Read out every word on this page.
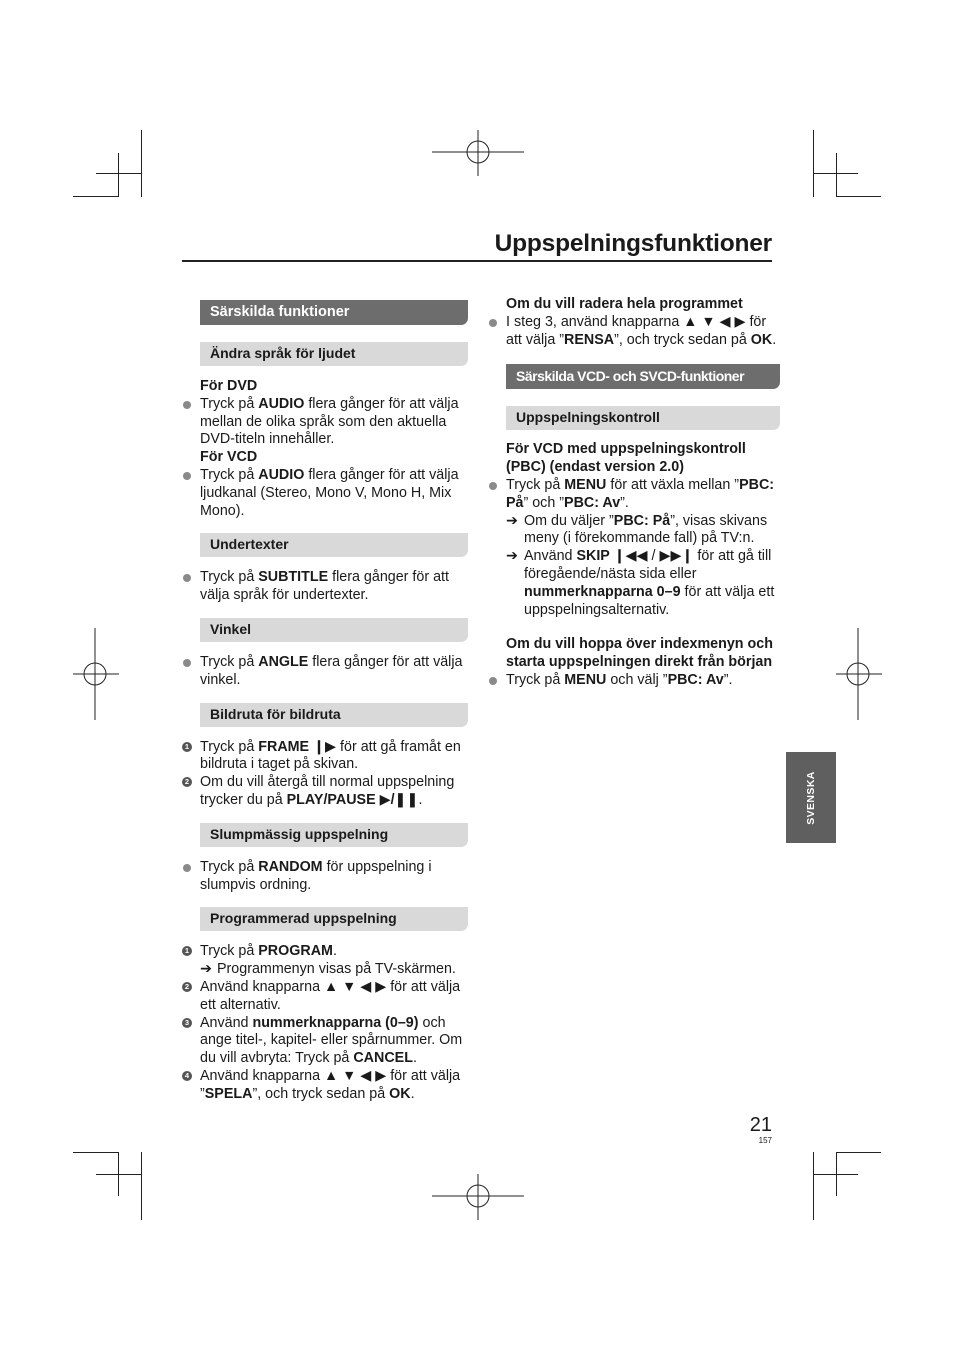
Uppspelningsfunktioner
Särskilda funktioner
Ändra språk för ljudet
För DVD
Tryck på AUDIO flera gånger för att välja mellan de olika språk som den aktuella DVD-titeln innehåller.
För VCD
Tryck på AUDIO flera gånger för att välja ljudkanal (Stereo, Mono V, Mono H, Mix Mono).
Undertexter
Tryck på SUBTITLE flera gånger för att välja språk för undertexter.
Vinkel
Tryck på ANGLE flera gånger för att välja vinkel.
Bildruta för bildruta
1 Tryck på FRAME ❙▶ för att gå framåt en bildruta i taget på skivan.
2 Om du vill återgå till normal uppspelning trycker du på PLAY/PAUSE ▶/❚❚.
Slumpmässig uppspelning
Tryck på RANDOM för uppspelning i slumpvis ordning.
Programmerad uppspelning
1 Tryck på PROGRAM.
➔ Programmenyn visas på TV-skärmen.
2 Använd knapparna ▲ ▼ ◀ ▶ för att välja ett alternativ.
3 Använd nummerknapparna (0–9) och ange titel-, kapitel- eller spårnummer. Om du vill avbryta: Tryck på CANCEL.
4 Använd knapparna ▲ ▼ ◀ ▶ för att välja ”SPELA”, och tryck sedan på OK.
Om du vill radera hela programmet
I steg 3, använd knapparna ▲ ▼ ◀ ▶ för att välja ”RENSA”, och tryck sedan på OK.
Särskilda VCD- och SVCD-funktioner
Uppspelningskontroll
För VCD med uppspelningskontroll (PBC) (endast version 2.0)
Tryck på MENU för att växla mellan ”PBC: På” och ”PBC: Av”.
➔ Om du väljer ”PBC: På”, visas skivans meny (i förekommande fall) på TV:n.
➔ Använd SKIP ❙◀◀ / ▶▶❙ för att gå till föregående/nästa sida eller nummerknapparna 0–9 för att välja ett uppspelningsalternativ.
Om du vill hoppa över indexmenyn och starta uppspelningen direkt från början
Tryck på MENU och välj ”PBC: Av”.
SVENSKA
21
157
